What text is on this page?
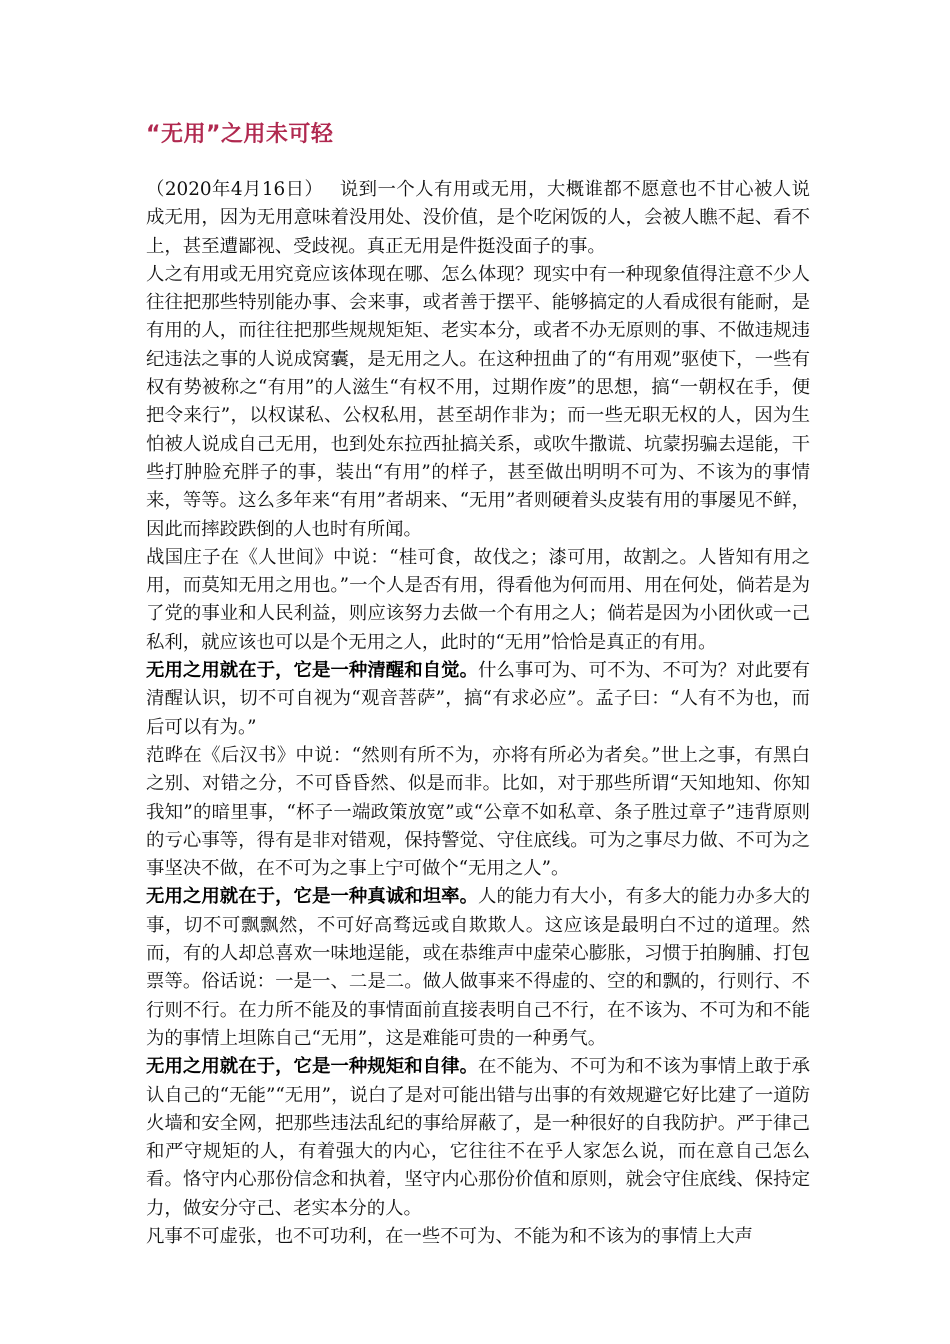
“无用”之用未可轻

（2020年4月16日） 说到一个人有用或无用，大概谁都不愿意也不甘心被人说成无用，因为无用意味着没用处、没价值，是个吃闲饭的人，会被人瞧不起、看不上，甚至遭鄙视、受歧视。真正无用是件挺没面子的事。

人之有用或无用究竟应该体现在哪、怎么体现？现实中有一种现象值得注意不少人往往把那些特别能办事、会来事，或者善于摆平、能够搞定的人看成很有能耐，是有用的人，而往往把那些规规矩矩、老实本分，或者不办无原则的事、不做违规违纪违法之事的人说成窝囊，是无用之人。在这种扭曲了的“有用观”驱使下，一些有权有势被称之“有用”的人滋生“有权不用，过期作废”的思想，搞“一朝权在手，便把令来行”，以权谋私、公权私用，甚至胡作非为；而一些无职无权的人，因为生怕被人说成自己无用，也到处东拉西扯搞关系，或吹牛撒谎、坑蒙拐骗去逞能，干些打肿脸充胖子的事，装出“有用”的样子，甚至做出明明不可为、不该为的事情来，等等。这么多年来“有用”者胡来、“无用”者则硬着头皮装有用的事屡见不鲜，因此而摔跤跌倒的人也时有所闻。

战国庄子在《人世间》中说：“桂可食，故伐之；漆可用，故割之。人皆知有用之用，而莫知无用之用也。”一个人是否有用，得看他为何而用、用在何处，倘若是为了党的事业和人民利益，则应该努力去做一个有用之人；倘若是因为小团伙或一己私利，就应该也可以是个无用之人，此时的“无用”恰恰是真正的有用。

无用之用就在于，它是一种清醒和自觉。什么事可为、可不为、不可为？对此要有清醒认识，切不可自视为“观音菩萨”，搞“有求必应”。孟子曰：“人有不为也，而后可以有为。”

范晔在《后汉书》中说：“然则有所不为，亦将有所必为者矣。”世上之事，有黑白之别、对错之分，不可昏昏然、似是而非。比如，对于那些所谓“天知地知、你知我知”的暗里事，“杯子一端政策放宽”或“公章不如私章、条子胜过章子”违背原则的亏心事等，得有是非对错观，保持警觉、守住底线。可为之事尽力做、不可为之事坚决不做，在不可为之事上宁可做个“无用之人”。

无用之用就在于，它是一种真诚和坦率。人的能力有大小，有多大的能力办多大的事，切不可飘飘然，不可好高骛远或自欺欺人。这应该是最明白不过的道理。然而，有的人却总喜欢一味地逞能，或在恭维声中虚荣心膨胀，习惯于拍胸脯、打包票等。俗话说：一是一、二是二。做人做事来不得虚的、空的和飘的，行则行、不行则不行。在力所不能及的事情面前直接表明自己不行，在不该为、不可为和不能为的事情上坦陈自己“无用”，这是难能可贵的一种勇气。

无用之用就在于，它是一种规矩和自律。在不能为、不可为和不该为事情上敢于承认自己的“无能”“无用”，说白了是对可能出错与出事的有效规避它好比建了一道防火墙和安全网，把那些违法乱纪的事给屏蔽了，是一种很好的自我防护。严于律己和严守规矩的人，有着强大的内心，它往往不在乎人家怎么说，而在意自己怎么看。恪守内心那份信念和执着，坚守内心那份价值和原则，就会守住底线、保持定力，做安分守己、老实本分的人。

凡事不可虚张，也不可功利，在一些不可为、不能为和不该为的事情上大声
